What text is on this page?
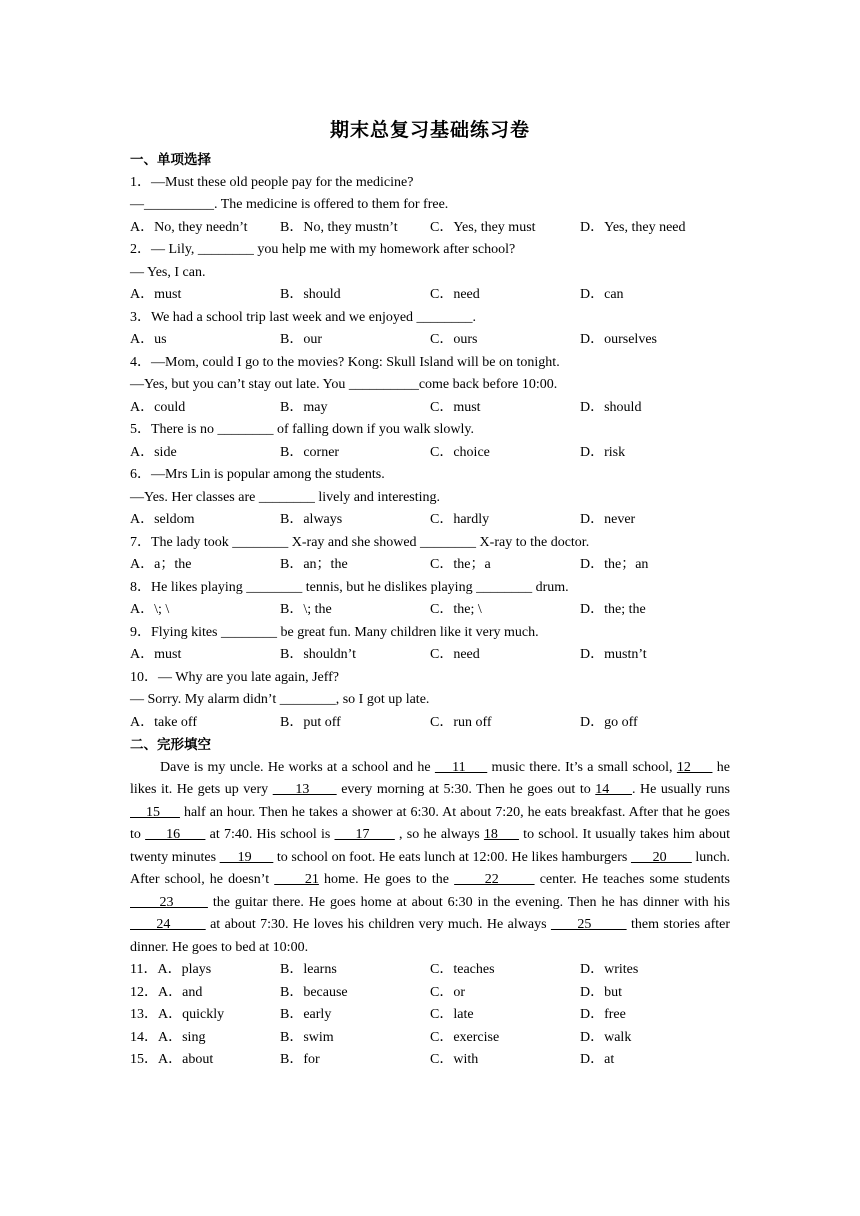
期末总复习基础练习卷
一、单项选择
1．—Must these old people pay for the medicine?
—__________. The medicine is offered to them for free.
A．No, they needn’t B．No, they mustn’t C．Yes, they must	D．Yes, they need
2．— Lily, ________ you help me with my homework after school?
— Yes, I can.
A．must	B．should	C．need	D．can
3．We had a school trip last week and we enjoyed ________.
A．us	B．our	C．ours	D．ourselves
4．—Mom, could I go to the movies? Kong: Skull Island will be on tonight.
—Yes, but you can’t stay out late. You __________come back before 10:00.
A．could	B．may	C．must	D．should
5．There is no ________ of falling down if you walk slowly.
A．side	B．corner	C．choice	D．risk
6．—Mrs Lin is popular among the students.
—Yes. Her classes are ________ lively and interesting.
A．seldom	B．always	C．hardly	D．never
7．The lady took ________ X-ray and she showed ________ X-ray to the doctor.
A．a；the	B．an；the	C．the；a	D．the；an
8．He likes playing ________ tennis, but he dislikes playing ________ drum.
A．\; \	B．\; the	C．the; \	D．the; the
9．Flying kites ________ be great fun. Many children like it very much.
A．must	B．shouldn’t	C．need	D．mustn’t
10．— Why are you late again, Jeff?
— Sorry. My alarm didn’t ________, so I got up late.
A．take off	B．put off	C．run off	D．go off
二、完形填空
Dave is my uncle. He works at a school and he     11      music there. It’s a small school, 12      he likes it. He gets up very      13       every morning at 5:30. Then he goes out to 14     . He usually runs     15      half an hour. Then he takes a shower at 6:30. At about 7:20, he eats breakfast. After that he goes to      16       at 7:40. His school is      17       , so he always 18      to school. It usually takes him about twenty minutes      19       to school on foot. He eats lunch at 12:00. He likes hamburgers       20        lunch. After school, he doesn’t       21 home. He goes to the       22        center. He teaches some students       23        the guitar there. He goes home at about 6:30 in the evening. Then he has dinner with his       24         at about 7:30. He loves his children very much. He always       25         them stories after dinner. He goes to bed at 10:00.
11．A．plays	B．learns	C．teaches	D．writes
12．A．and	B．because	C．or	D．but
13．A．quickly	B．early	C．late	D．free
14．A．sing	B．swim	C．exercise	D．walk
15．A．about	B．for	C．with	D．at
